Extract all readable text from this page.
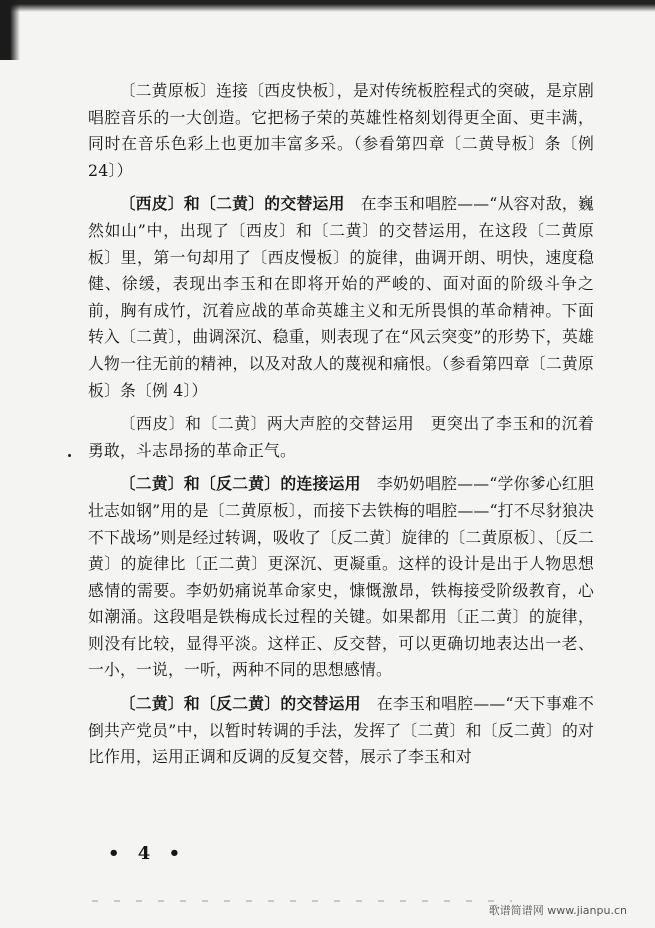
〔二黄原板〕连接〔西皮快板〕，是对传统板腔程式的突破，是京剧唱腔音乐的一大创造。它把杨子荣的英雄性格刻划得更全面、更丰满，同时在音乐色彩上也更加丰富多采。（参看第四章〔二黄导板〕条〔例 24〕）

〔西皮〕和〔二黄〕的交替运用　在李玉和唱腔——“从容对敌，巍然如山”中，出现了〔西皮〕和〔二黄〕的交替运用，在这段〔二黄原板〕里，第一句却用了〔西皮慢板〕的旋律，曲调开朗、明快，速度稳健、徐缓，表现出李玉和在即将开始的严峻的、面对面的阶级斗争之前，胸有成竹，沉着应战的革命英雄主义和无所畏惧的革命精神。下面转入〔二黄〕，曲调深沉、稳重，则表现了在“风云突变”的形势下，英雄人物一往无前的精神，以及对敌人的蔑视和痛恨。（参看第四章〔二黄原板〕条〔例 4〕）

〔西皮〕和〔二黄〕两大声腔的交替运用　更突出了李玉和的沉着勇敢，斗志昂扬的革命正气。

〔二黄〕和〔反二黄〕的连接运用　李奶奶唱腔——“学你爹心红胆壮志如钢”用的是〔二黄原板〕，而接下去铁梅的唱腔——“打不尽豺狼决不下战场”则是经过转调，吸收了〔反二黄〕旋律的〔二黄原板〕、〔反二黄〕的旋律比〔正二黄〕更深沉、更凝重。这样的设计是出于人物思想感情的需要。李奶奶痛说革命家史，慷慨激昂，铁梅接受阶级教育，心如潮涌。这段唱是铁梅成长过程的关键。如果都用〔正二黄〕的旋律，则没有比较，显得平淡。这样正、反交替，可以更确切地表达出一老、一小，一说，一听，两种不同的思想感情。

〔二黄〕和〔反二黄〕的交替运用　在李玉和唱腔——“天下事难不倒共产党员”中，以暂时转调的手法，发挥了〔二黄〕和〔反二黄〕的对比作用，运用正调和反调的反复交替，展示了李玉和对

• 4 •
歌谱简谱网 www.jianpu.cn
